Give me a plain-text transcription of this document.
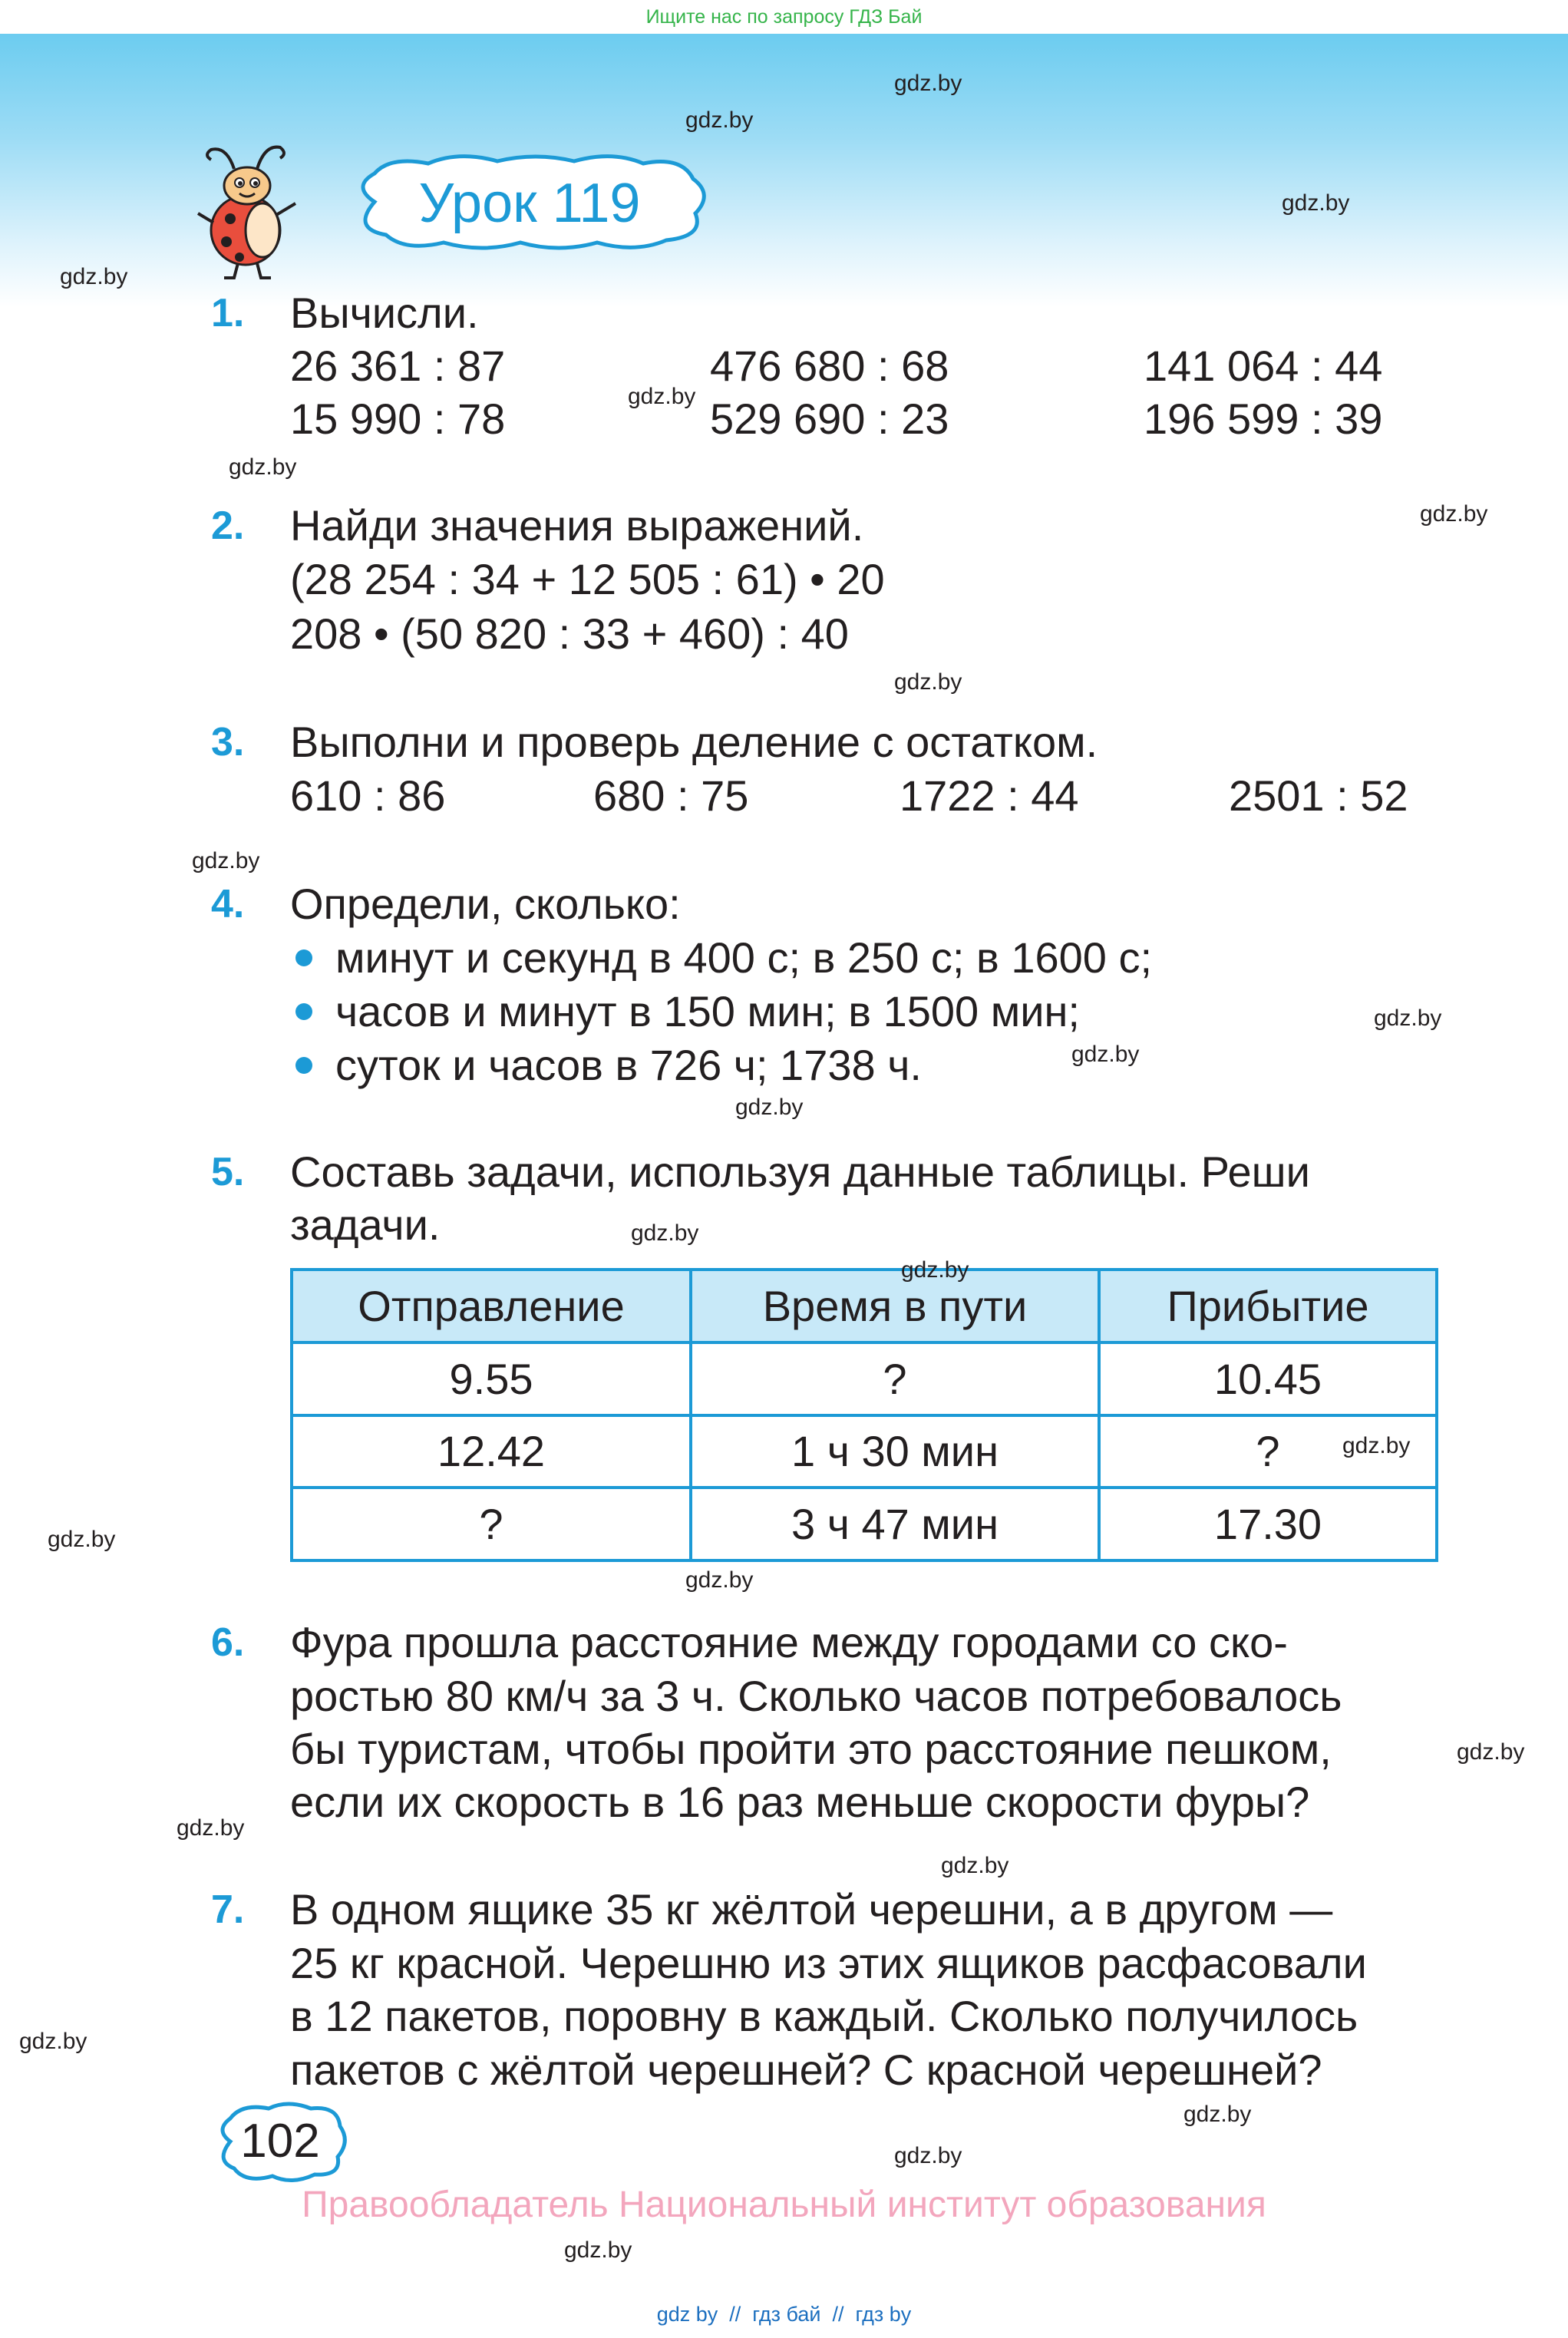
Ищите нас по запросу ГДЗ Бай
Урок 119
1. Вычисли.
26 361 : 87	476 680 : 68	141 064 : 44
15 990 : 78	529 690 : 23	196 599 : 39
2. Найди значения выражений.
(28 254 : 34 + 12 505 : 61) • 20
208 • (50 820 : 33 + 460) : 40
3. Выполни и проверь деление с остатком.
610 : 86	680 : 75	1722 : 44	2501 : 52
4. Определи, сколько:
минут и секунд в 400 с; в 250 с; в 1600 с;
часов и минут в 150 мин; в 1500 мин;
суток и часов в 726 ч; 1738 ч.
5. Составь задачи, используя данные таблицы. Реши
задачи.
Отправление	Время в пути	Прибытие
9.55	?	10.45
12.42	1 ч 30 мин	?
?	3 ч 47 мин	17.30
6. Фура прошла расстояние между городами со ско-
ростью 80 км/ч за 3 ч. Сколько часов потребовалось
бы туристам, чтобы пройти это расстояние пешком,
если их скорость в 16 раз меньше скорости фуры?
7. В одном ящике 35 кг жёлтой черешни, а в другом —
25 кг красной. Черешню из этих ящиков расфасовали
в 12 пакетов, поровну в каждый. Сколько получилось
пакетов с жёлтой черешней? С красной черешней?
gdz.by
gdz.by
gdz.by
gdz.by
gdz.by
gdz.by
gdz.by
gdz.by
gdz.by
gdz.by
gdz.by
gdz.by
gdz.by
gdz.by
gdz.by
gdz.by
gdz.by
gdz.by
gdz.by
gdz.by
gdz.by
gdz.by
gdz.by
gdz.by
102
Правообладатель Национальный институт образования
gdz by  //  гдз бай  //  гдз by
